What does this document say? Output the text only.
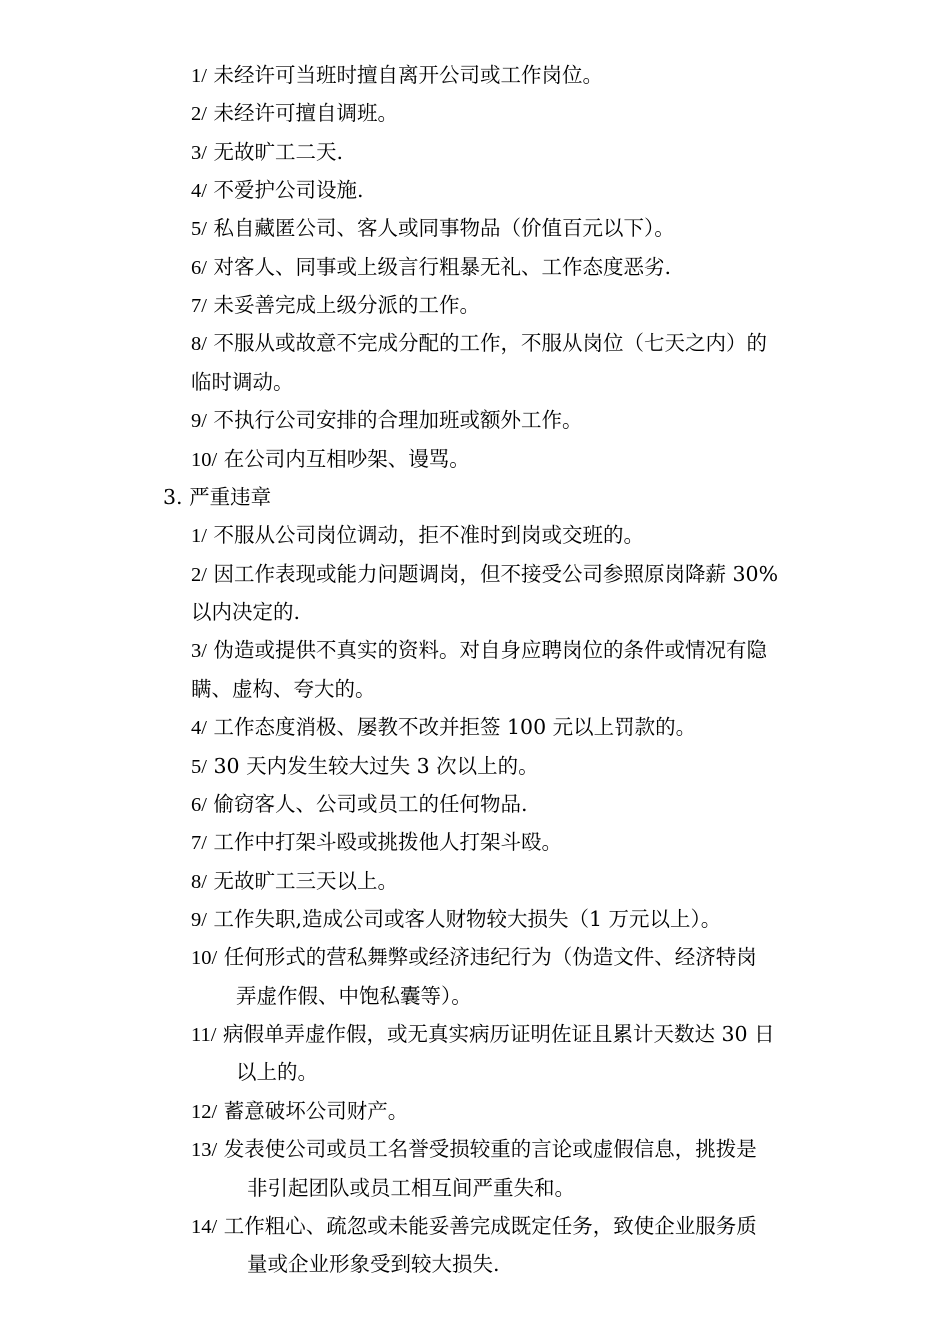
1/ 未经许可当班时擅自离开公司或工作岗位。
2/ 未经许可擅自调班。
3/ 无故旷工二天.
4/ 不爱护公司设施.
5/ 私自藏匿公司、客人或同事物品（价值百元以下）。
6/ 对客人、同事或上级言行粗暴无礼、工作态度恶劣.
7/ 未妥善完成上级分派的工作。
8/ 不服从或故意不完成分配的工作，不服从岗位（七天之内）的
临时调动。
9/ 不执行公司安排的合理加班或额外工作。
10/ 在公司内互相吵架、谩骂。
3. 严重违章
1/ 不服从公司岗位调动，拒不准时到岗或交班的。
2/ 因工作表现或能力问题调岗，但不接受公司参照原岗降薪 30%
以内决定的.
3/ 伪造或提供不真实的资料。对自身应聘岗位的条件或情况有隐
瞒、虚构、夸大的。
4/ 工作态度消极、屡教不改并拒签 100 元以上罚款的。
5/ 30 天内发生较大过失 3 次以上的。
6/ 偷窃客人、公司或员工的任何物品.
7/ 工作中打架斗殴或挑拨他人打架斗殴。
8/ 无故旷工三天以上。
9/ 工作失职,造成公司或客人财物较大损失（1 万元以上）。
10/ 任何形式的营私舞弊或经济违纪行为（伪造文件、经济特岗
弄虚作假、中饱私囊等）。
11/ 病假单弄虚作假，或无真实病历证明佐证且累计天数达 30 日
以上的。
12/ 蓄意破坏公司财产。
13/ 发表使公司或员工名誉受损较重的言论或虚假信息，挑拨是
非引起团队或员工相互间严重失和。
14/ 工作粗心、疏忽或未能妥善完成既定任务，致使企业服务质
量或企业形象受到较大损失.
